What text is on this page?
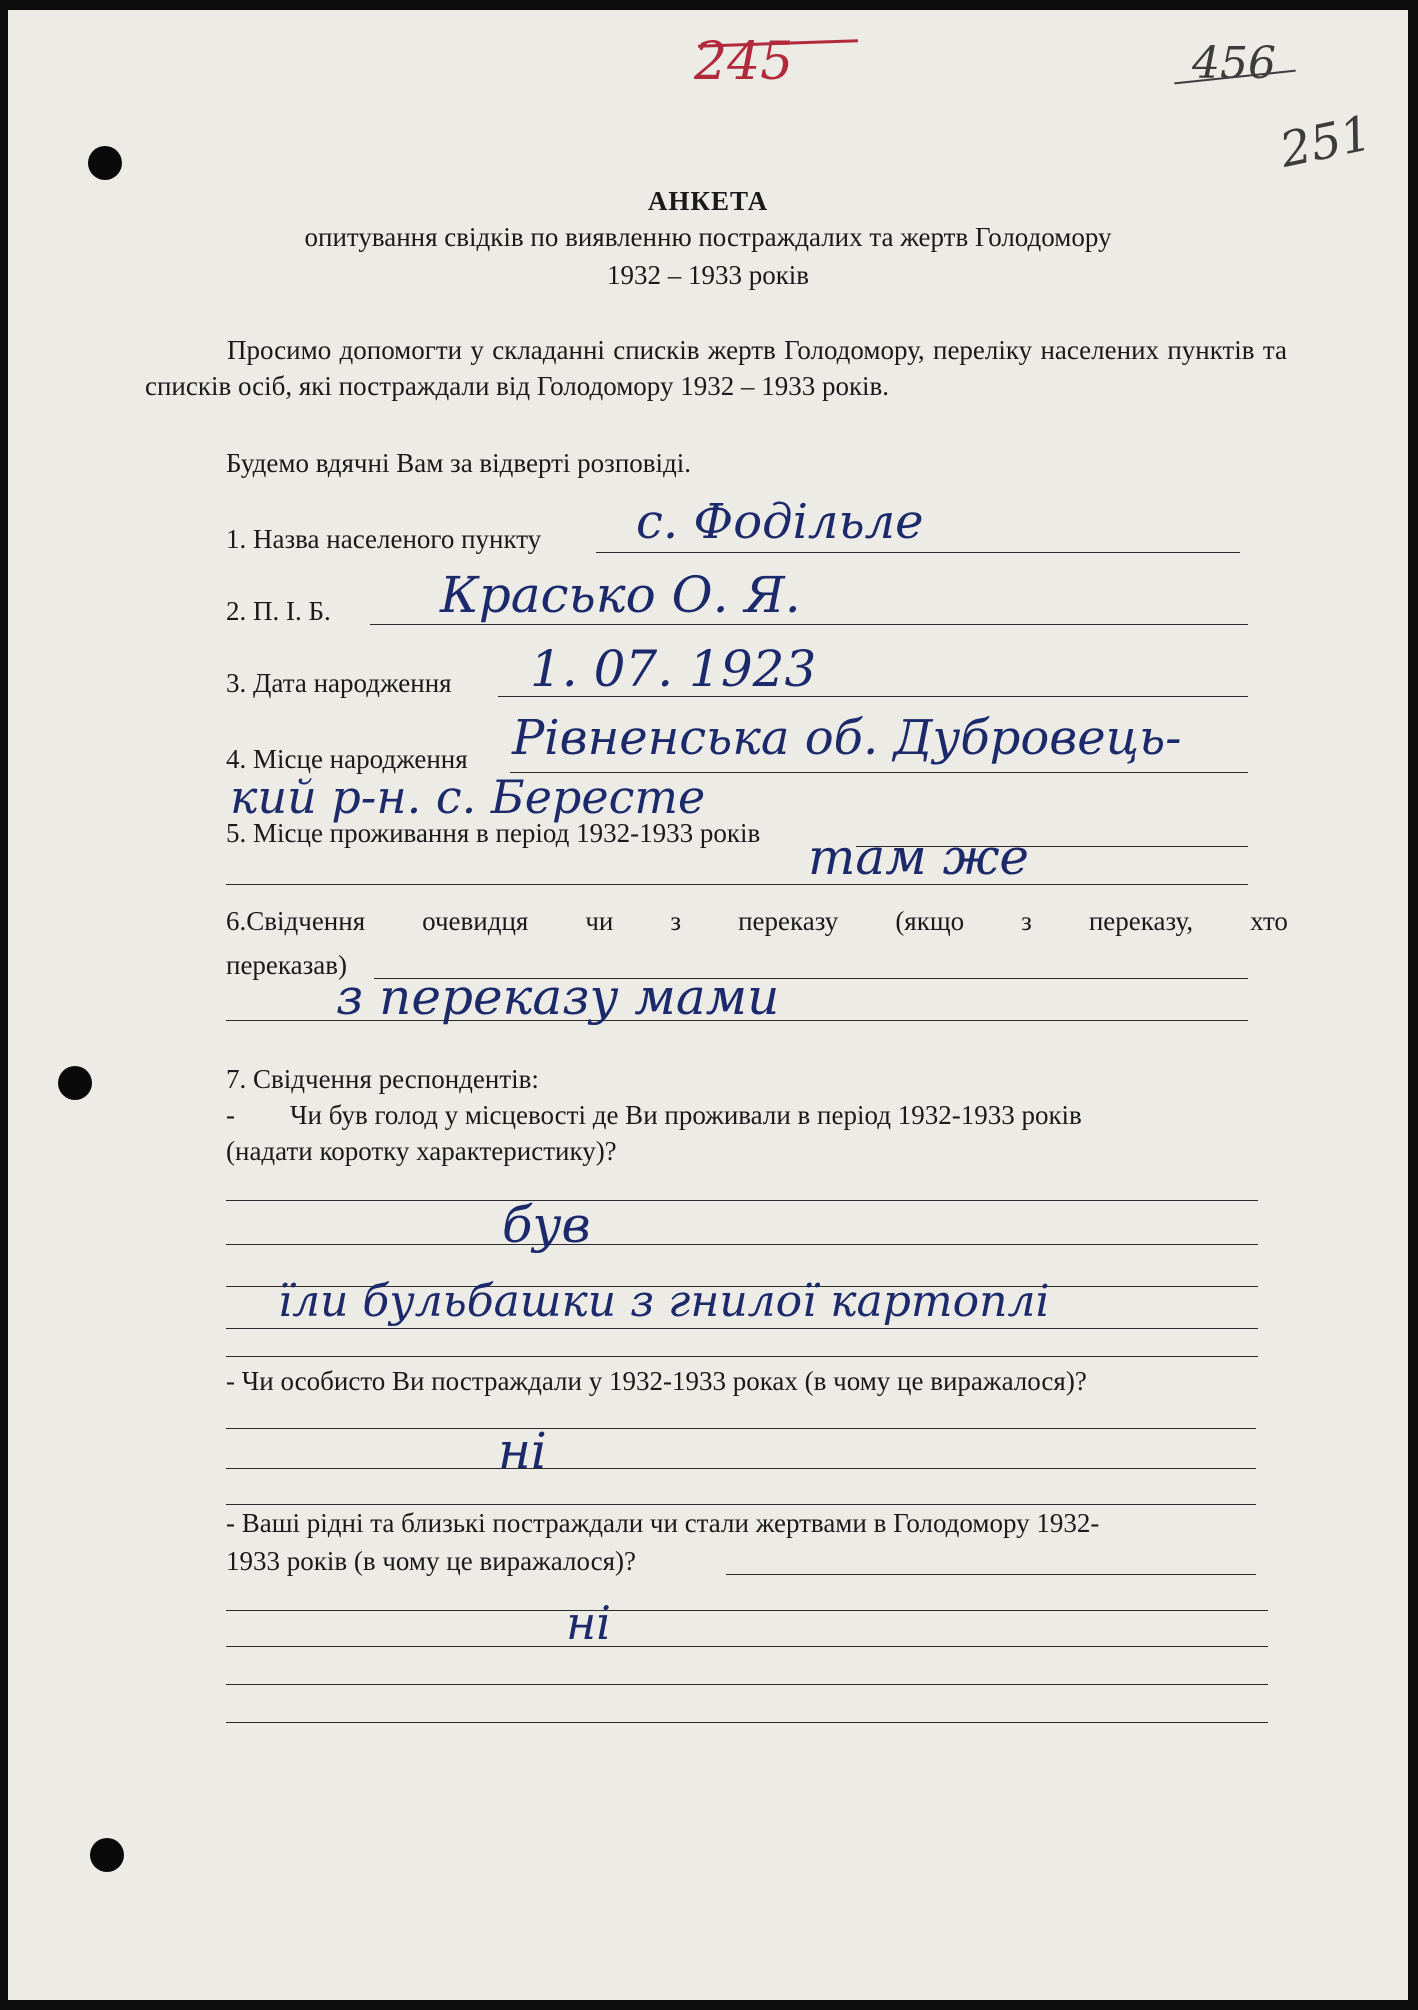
245	456
251
АНКЕТА
опитування свідків по виявленню постраждалих та жертв Голодомору
1932 – 1933 років
Просимо допомогти у складанні списків жертв Голодомору, переліку населених пунктів та списків осіб, які постраждали від Голодомору 1932 – 1933 років.
Будемо вдячні Вам за відверті розповіді.
1. Назва населеного пункту с. Фодільле
2. П. І. Б. Красько О. Я.
3. Дата народження 1. 07. 1923
4. Місце народження Рівненська об. Дубровець-
кий р-н. с. Бересте
5. Місце проживання в період 1932-1933 років там же
6.Свідчення очевидця чи з переказу (якщо з переказу, хто
переказав)
з переказу мами
7. Свідчення респондентів:
- Чи був голод у місцевості де Ви проживали в період 1932-1933 років
(надати коротку характеристику)?
був
їли бульбашки з гнилої картоплі
- Чи особисто Ви постраждали у 1932-1933 роках (в чому це виражалося)?
ні
- Ваші рідні та близькі постраждали чи стали жертвами в Голодомору 1932-
1933 років (в чому це виражалося)?
ні
